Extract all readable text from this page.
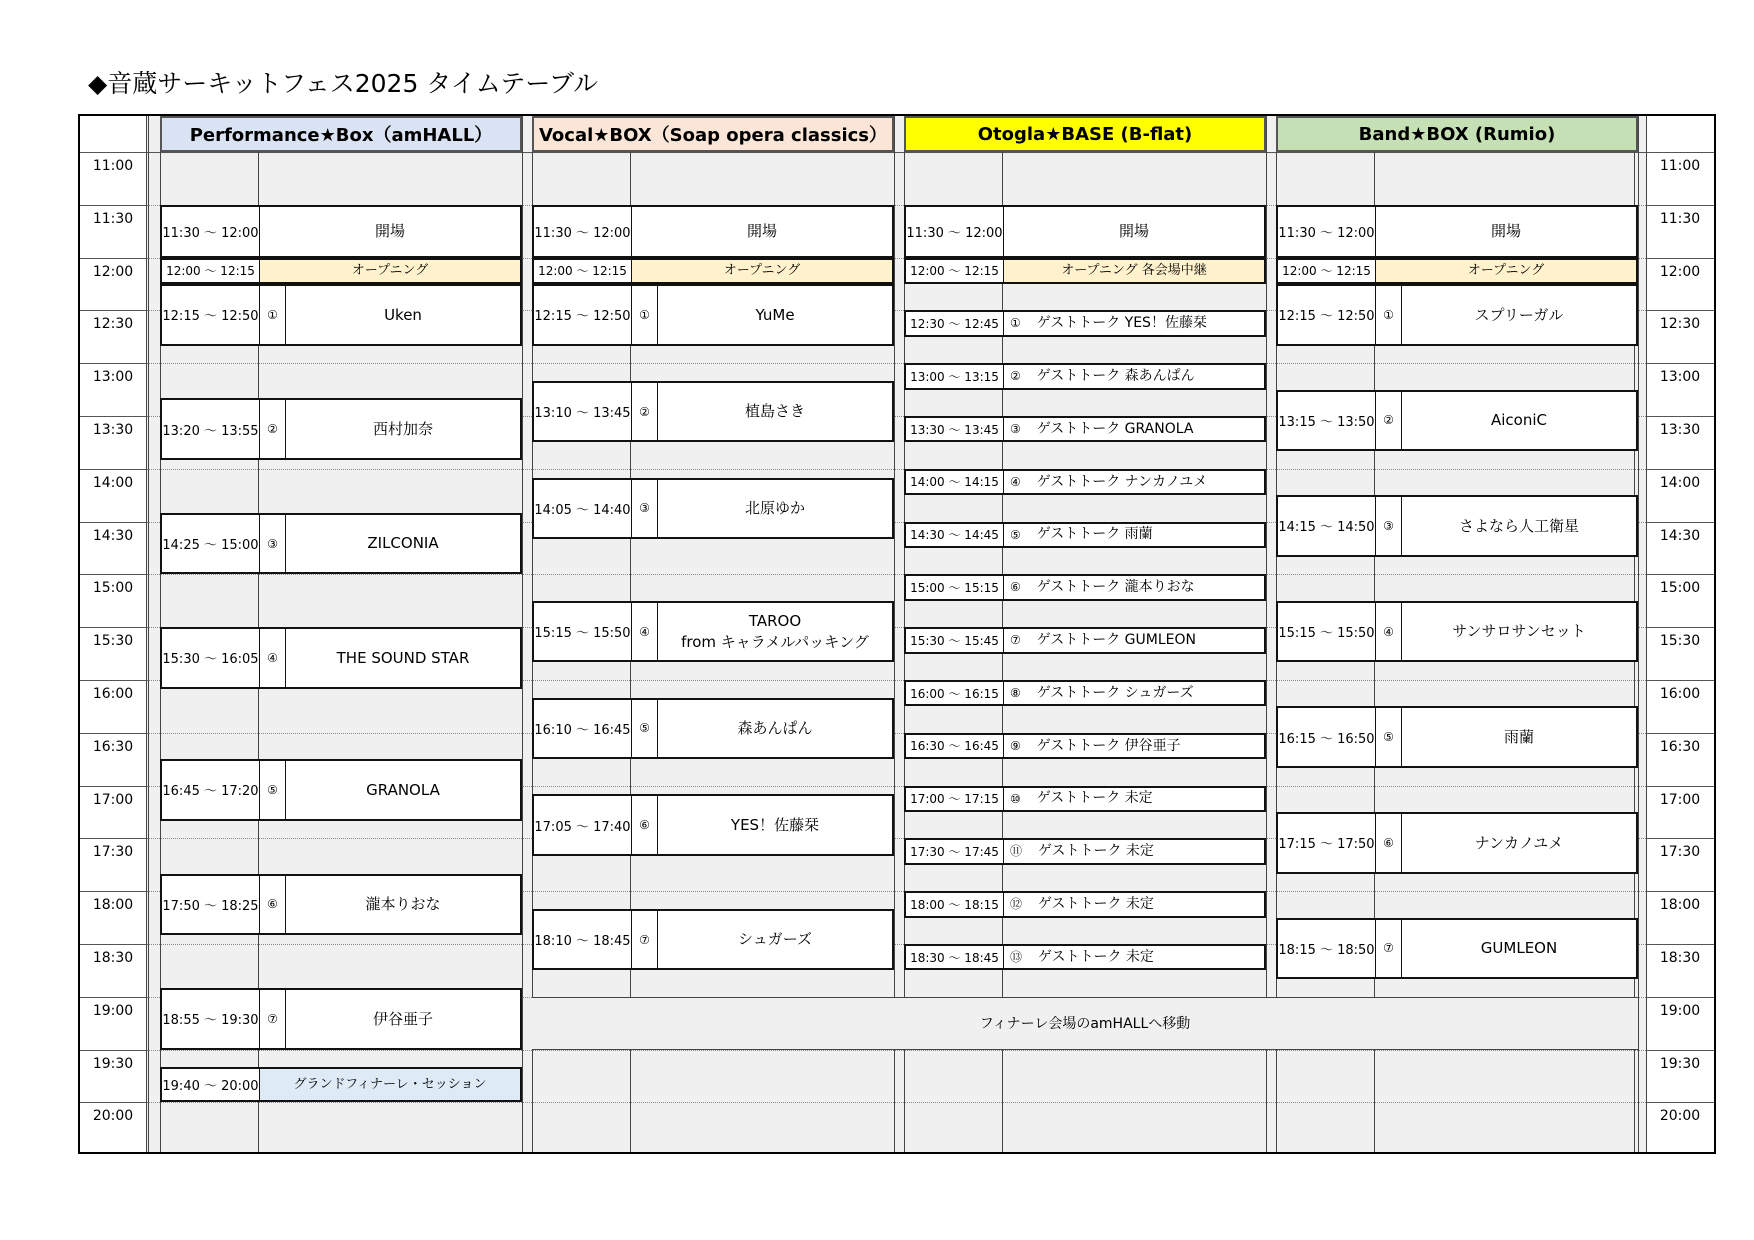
◆音蔵サーキットフェス2025 タイムテーブル
11:00	11:00
11:30	11:30
12:00	12:00
12:30	12:30
13:00	13:00
13:30	13:30
14:00	14:00
14:30	14:30
15:00	15:00
15:30	15:30
16:00	16:00
16:30	16:30
17:00	17:00
17:30	17:30
18:00	18:00
18:30	18:30
19:00	19:00
19:30	19:30
20:00	20:00
Performance★Box（amHALL）	Vocal★BOX（Soap opera classics）	Otogla★BASE (B-flat)	Band★BOX (Rumio)
11:30 ～ 12:00	開場
12:00 ～ 12:15	オープニング
12:15 ～ 12:50 ①	Uken
13:20 ～ 13:55 ②	西村加奈
14:25 ～ 15:00 ③	ZILCONIA
15:30 ～ 16:05 ④	THE SOUND STAR
16:45 ～ 17:20 ⑤	GRANOLA
17:50 ～ 18:25 ⑥	瀧本りおな
18:55 ～ 19:30 ⑦	伊谷亜子
19:40 ～ 20:00	グランドフィナーレ・セッション
11:30 ～ 12:00	開場
12:00 ～ 12:15	オープニング
12:15 ～ 12:50 ①	YuMe
13:10 ～ 13:45 ②	植島さき
14:05 ～ 14:40 ③	北原ゆか
15:15 ～ 15:50 ④
TAROO
from キャラメルパッキング
16:10 ～ 16:45 ⑤	森あんぱん
17:05 ～ 17:40 ⑥	YES！佐藤栞
18:10 ～ 18:45 ⑦	シュガーズ
11:30 ～ 12:00	開場
12:00 ～ 12:15	オープニング 各会場中継
12:30 ～ 12:45 ① ゲストトーク YES！佐藤栞
13:00 ～ 13:15 ② ゲストトーク 森あんぱん
13:30 ～ 13:45 ③ ゲストトーク GRANOLA
14:00 ～ 14:15 ④ ゲストトーク ナンカノユメ
14:30 ～ 14:45 ⑤ ゲストトーク 雨蘭
15:00 ～ 15:15 ⑥ ゲストトーク 瀧本りおな
15:30 ～ 15:45 ⑦ ゲストトーク GUMLEON
16:00 ～ 16:15 ⑧ ゲストトーク シュガーズ
16:30 ～ 16:45 ⑨ ゲストトーク 伊谷亜子
17:00 ～ 17:15 ⑩ ゲストトーク 未定
17:30 ～ 17:45 ⑪ ゲストトーク 未定
18:00 ～ 18:15 ⑫ ゲストトーク 未定
18:30 ～ 18:45 ⑬ ゲストトーク 未定
11:30 ～ 12:00	開場
12:00 ～ 12:15	オープニング
12:15 ～ 12:50 ①	スプリーガル
13:15 ～ 13:50 ②	AiconiC
14:15 ～ 14:50 ③	さよなら人工衛星
15:15 ～ 15:50 ④	サンサロサンセット
16:15 ～ 16:50 ⑤	雨蘭
17:15 ～ 17:50 ⑥	ナンカノユメ
18:15 ～ 18:50 ⑦	GUMLEON
フィナーレ会場のamHALLへ移動
